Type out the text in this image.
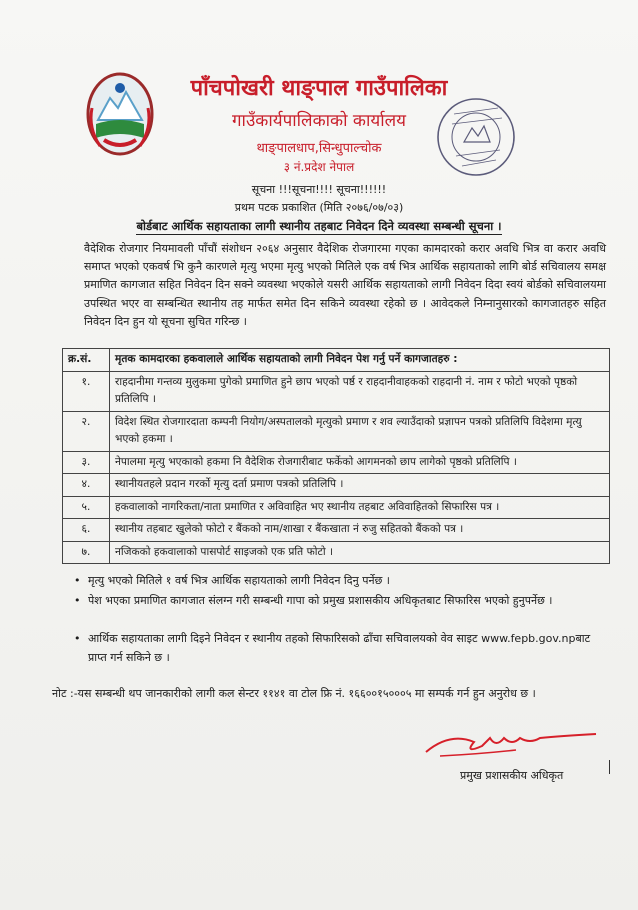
पाँचपोखरी थाङ्पाल गाउँपालिका
गाउँकार्यपालिकाको कार्यालय
थाङ्पालधाप,सिन्धुपाल्चोक
३ नं.प्रदेश नेपाल
सूचना !!!सूचना!!!! सूचना!!!!!!
प्रथम पटक प्रकाशित (मिति २०७६/०७/०३)
बोर्डबाट आर्थिक सहायताका लागी स्थानीय तहबाट निवेदन दिने व्यवस्था सम्बन्धी सूचना ।
वैदेशिक रोजगार नियमावली पाँचौं संशोधन २०६४ अनुसार वैदेशिक रोजगारमा गएका कामदारको करार अवधि भित्र वा करार अवधि समाप्त भएको एकवर्ष भि कुनै कारणले मृत्यु भएमा मृत्यु भएको मितिले एक वर्ष भित्र आर्थिक सहायताको लागि बोर्ड सचिवालय समक्ष प्रमाणित कागजात सहित निवेदन दिन सक्ने व्यवस्था भएकोले यसरी आर्थिक सहायताको लागी निवेदन दिदा स्वयं बोर्डको सचिवालयमा उपस्थित भएर वा सम्बन्धित स्थानीय तह मार्फत समेत दिन सकिने व्यवस्था रहेको छ । आवेदकले निम्नानुसारको कागजातहरु सहित निवेदन दिन हुन यो सूचना सुचित गरिन्छ ।
क्र.सं.	मृतक कामदारका हकवालाले आर्थिक सहायताको लागी निवेदन पेश गर्नु पर्ने कागजातहरु :
१.	राहदानीमा गन्तव्य मुलुकमा पुगेको प्रमाणित हुने छाप भएको पर्ष्ठ र राहदानीवाहकको राहदानी नं. नाम र फोटो भएको पृष्ठको प्रतिलिपि ।
२.	विदेश स्थित रोजगारदाता कम्पनी नियोग/अस्पतालको मृत्युको प्रमाण र शव ल्याउँदाको प्रज्ञापन पत्रको प्रतिलिपि विदेशमा मृत्यु भएको हकमा ।
३.	नेपालमा मृत्यु भएकाको हकमा नि वैदेशिक रोजगारीबाट फर्केको आगमनको छाप लागेको पृष्ठको प्रतिलिपि ।
४.	स्थानीयतहले प्रदान गरर्को मृत्यु दर्ता प्रमाण पत्रको प्रतिलिपि ।
५.	हकवालाको नागरिकता/नाता प्रमाणित र अविवाहित भए स्थानीय तहबाट अविवाहितको सिफारिस पत्र ।
६.	स्थानीय तहबाट खुलेको फोटो र बैंकको नाम/शाखा र बैंकखाता नं रुजु सहितको बैंकको पत्र ।
७.	नजिकको हकवालाको पासपोर्ट साइजको एक प्रति फोटो ।
• मृत्यु भएको मितिले १ वर्ष भित्र आर्थिक सहायताको लागी निवेदन दिनु पर्नेछ ।
• पेश भएका प्रमाणित कागजात संलग्न गरी सम्बन्धी गापा को प्रमुख प्रशासकीय अधिकृतबाट सिफारिस भएको हुनुपर्नेछ ।
• आर्थिक सहायताका लागी दिइने निवेदन र स्थानीय तहको सिफारिसको ढाँचा सचिवालयको वेव साइट www.fepb.gov.npबाट प्राप्त गर्न सकिने छ ।
नोट :-यस सम्बन्धी थप जानकारीको लागी कल सेन्टर ११४१ वा टोल फ्रि नं. १६६००१५०००५ मा सम्पर्क गर्न हुन अनुरोध छ ।
प्रमुख प्रशासकीय अधिकृत
